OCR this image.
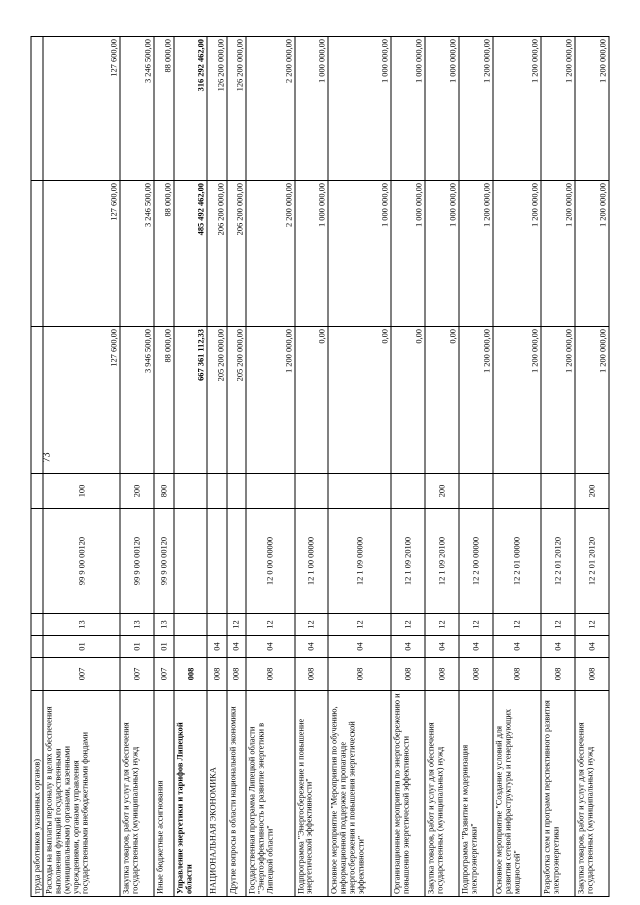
73
труда работников указанных органов)								
Расходы на выплаты персоналу в целях обеспечения выполнения функций государственными (муниципальными) органами, казенными учреждениями, органами управления государственными внебюджетными фондами	007	01	13	99 9 00 00120	100	127 600,00	127 600,00	127 600,00
Закупка товаров, работ и услуг для обеспечения государственных (муниципальных) нужд	007	01	13	99 9 00 00120	200	3 946 500,00	3 246 500,00	3 246 500,00
Иные бюджетные ассигнования	007	01	13	99 9 00 00120	800	88 000,00	88 000,00	88 000,00
Управление энергетики и тарифов Липецкой области	008					667 361 112,33	485 492 462,00	316 292 462,00
НАЦИОНАЛЬНАЯ ЭКОНОМИКА	008	04				205 200 000,00	206 200 000,00	126 200 000,00
Другие вопросы в области национальной экономики	008	04	12			205 200 000,00	206 200 000,00	126 200 000,00
Государственная программа Липецкой области "Энергоэффективность и развитие энергетики в Липецкой области"	008	04	12	12 0 00 00000		1 200 000,00	2 200 000,00	2 200 000,00
Подпрограмма "Энергосбережение и повышение энергетической эффективности"	008	04	12	12 1 00 00000		0,00	1 000 000,00	1 000 000,00
Основное мероприятие "Мероприятия по обучению, информационной поддержке и пропаганде энергосбережения и повышения энергетической эффективности"	008	04	12	12 1 09 00000		0,00	1 000 000,00	1 000 000,00
Организационные мероприятия по энергосбережению и повышению энергетической эффективности	008	04	12	12 1 09 20100		0,00	1 000 000,00	1 000 000,00
Закупка товаров, работ и услуг для обеспечения государственных (муниципальных) нужд	008	04	12	12 1 09 20100	200	0,00	1 000 000,00	1 000 000,00
Подпрограмма "Развитие и модернизация электроэнергетики"	008	04	12	12 2 00 00000		1 200 000,00	1 200 000,00	1 200 000,00
Основное мероприятие "Создание условий для развития сетевой инфраструктуры и генерирующих мощностей"	008	04	12	12 2 01 00000		1 200 000,00	1 200 000,00	1 200 000,00
Разработка схем и программ перспективного развития электроэнергетики	008	04	12	12 2 01 20120		1 200 000,00	1 200 000,00	1 200 000,00
Закупка товаров, работ и услуг для обеспечения государственных (муниципальных) нужд	008	04	12	12 2 01 20120	200	1 200 000,00	1 200 000,00	1 200 000,00
